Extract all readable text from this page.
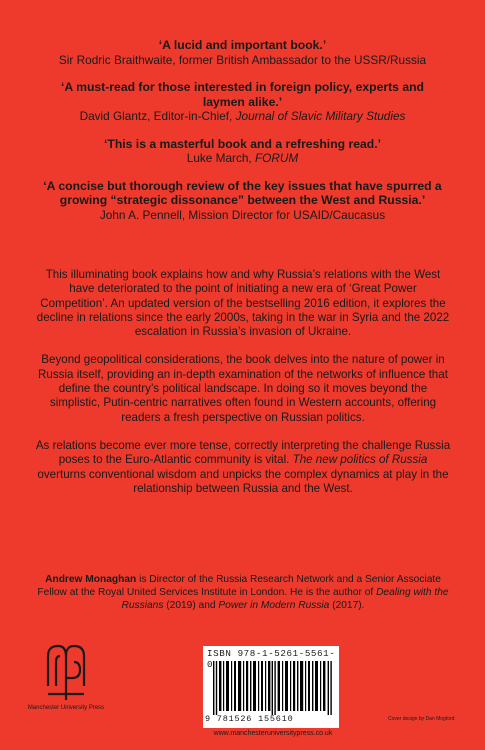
‘A lucid and important book.’
Sir Rodric Braithwaite, former British Ambassador to the USSR/Russia
‘A must-read for those interested in foreign policy, experts and laymen alike.’
David Glantz, Editor-in-Chief, Journal of Slavic Military Studies
‘This is a masterful book and a refreshing read.’
Luke March, FORUM
‘A concise but thorough review of the key issues that have spurred a growing “strategic dissonance” between the West and Russia.’
John A. Pennell, Mission Director for USAID/Caucasus

This illuminating book explains how and why Russia’s relations with the West have deteriorated to the point of initiating a new era of ‘Great Power Competition’. An updated version of the bestselling 2016 edition, it explores the decline in relations since the early 2000s, taking in the war in Syria and the 2022 escalation in Russia’s invasion of Ukraine.

Beyond geopolitical considerations, the book delves into the nature of power in Russia itself, providing an in-depth examination of the networks of influence that define the country’s political landscape. In doing so it moves beyond the simplistic, Putin-centric narratives often found in Western accounts, offering readers a fresh perspective on Russian politics.

As relations become ever more tense, correctly interpreting the challenge Russia poses to the Euro-Atlantic community is vital. The new politics of Russia overturns conventional wisdom and unpicks the complex dynamics at play in the relationship between Russia and the West.

Andrew Monaghan is Director of the Russia Research Network and a Senior Associate Fellow at the Royal United Services Institute in London. He is the author of Dealing with the Russians (2019) and Power in Modern Russia (2017).
Manchester University Press
ISBN 978-1-5261-5561-0
9 781526 155610
www.manchesteruniversitypress.co.uk
Cover design by Dan Mogford
